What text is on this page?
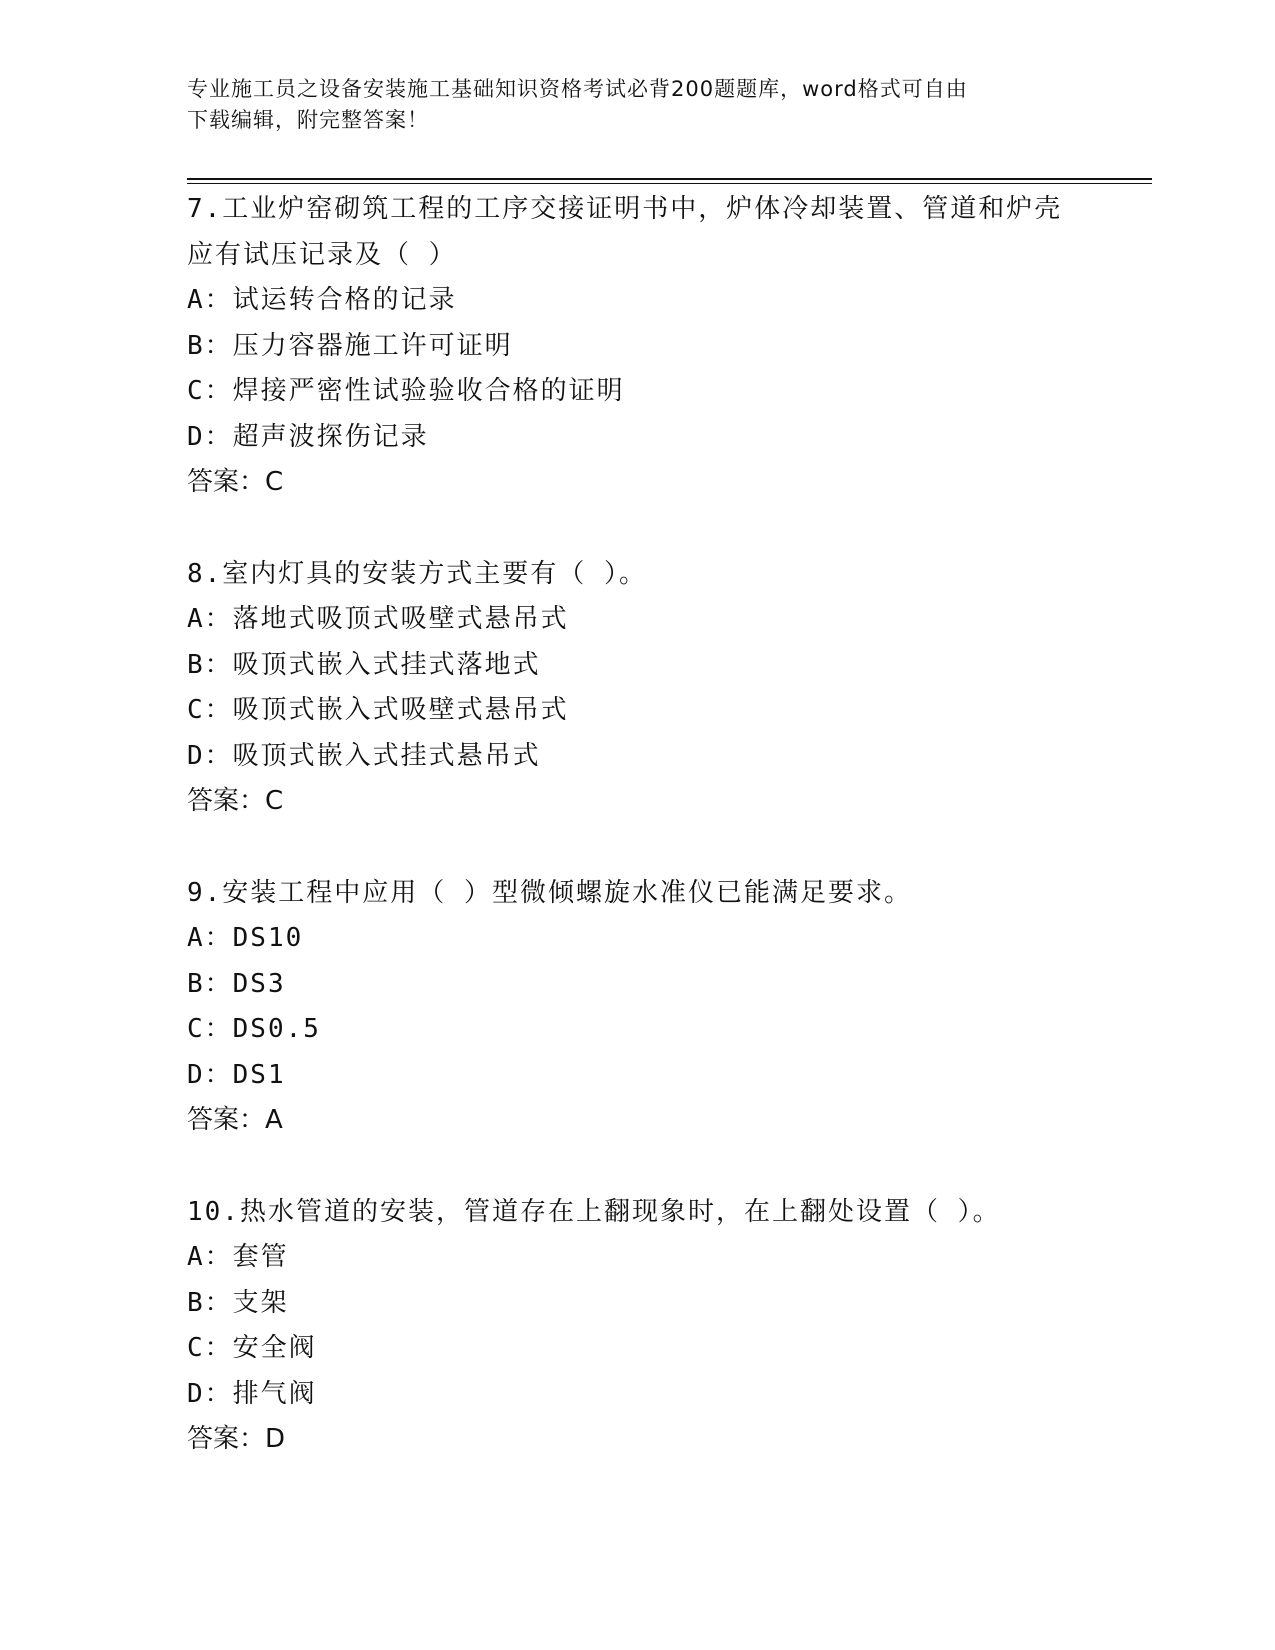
专业施工员之设备安装施工基础知识资格考试必背200题题库，word格式可自由
下载编辑，附完整答案！
7.工业炉窑砌筑工程的工序交接证明书中，炉体冷却装置、管道和炉壳应有试压记录及（ ）
A：试运转合格的记录
B：压力容器施工许可证明
C：焊接严密性试验验收合格的证明
D：超声波探伤记录
答案：C
8.室内灯具的安装方式主要有（ ）。
A：落地式吸顶式吸壁式悬吊式
B：吸顶式嵌入式挂式落地式
C：吸顶式嵌入式吸壁式悬吊式
D：吸顶式嵌入式挂式悬吊式
答案：C
9.安装工程中应用（ ）型微倾螺旋水准仪已能满足要求。
A：DS10
B：DS3
C：DS0.5
D：DS1
答案：A
10.热水管道的安装，管道存在上翻现象时，在上翻处设置（ ）。
A：套管
B：支架
C：安全阀
D：排气阀
答案：D
